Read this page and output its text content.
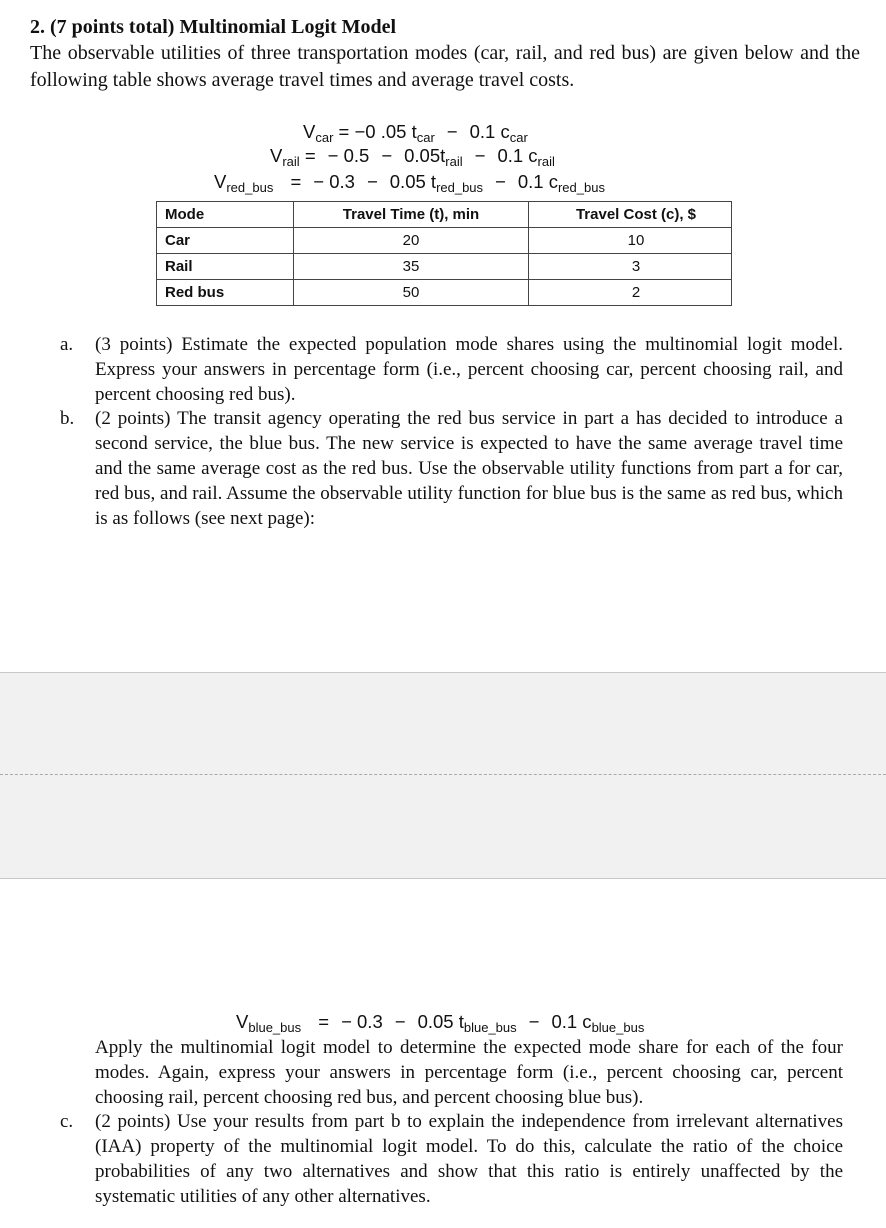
2. (7 points total) Multinomial Logit Model
The observable utilities of three transportation modes (car, rail, and red bus) are given below and the following table shows average travel times and average travel costs.
$V_{car} = -0$ .05 $t_{car} - 0.1$ $c_{car}$
$V_{rail}$ = − $0.5 - 0.05t_{rail} - 0.1$ $c_{rail}$
$V_{red\_bus}$ = − 0.3 − 0.05 $t_{red\_bus} - 0.1$ $c_{red\_bus}$
Mode	Travel Time (t), min	Travel Cost (c), $
Car	20	10
Rail	35	3
Red bus	50	2
a. (3 points) Estimate the expected population mode shares using the multinomial logit model. Express your answers in percentage form (i.e., percent choosing car, percent choosing rail, and percent choosing red bus).
b. (2 points) The transit agency operating the red bus service in part a has decided to introduce a second service, the blue bus. The new service is expected to have the same average travel time and the same average cost as the red bus. Use the observable utility functions from part a for car, red bus, and rail. Assume the observable utility function for blue bus is the same as red bus, which is as follows (see next page):
$V_{blue\_bus}$ = − 0.3 − 0.05 $t_{blue\_bus} - 0.1$ $c_{blue\_bus}$
Apply the multinomial logit model to determine the expected mode share for each of the four modes. Again, express your answers in percentage form (i.e., percent choosing car, percent choosing rail, percent choosing red bus, and percent choosing blue bus).
c. (2 points) Use your results from part b to explain the independence from irrelevant alternatives (IAA) property of the multinomial logit model. To do this, calculate the ratio of the choice probabilities of any two alternatives and show that this ratio is entirely unaffected by the systematic utilities of any other alternatives.
